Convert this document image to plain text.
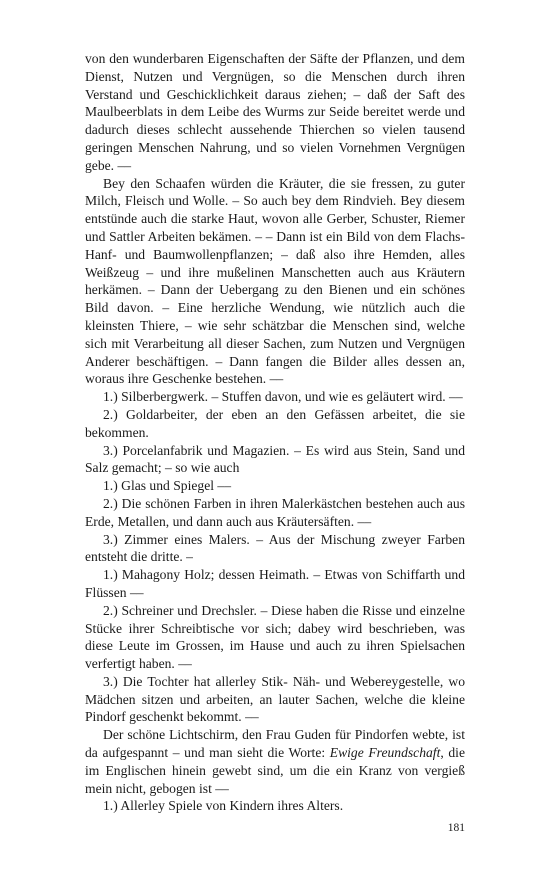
von den wunderbaren Eigenschaften der Säfte der Pflanzen, und dem Dienst, Nutzen und Vergnügen, so die Menschen durch ihren Verstand und Geschicklichkeit daraus ziehen; – daß der Saft des Maulbeerblats in dem Leibe des Wurms zur Seide bereitet werde und dadurch dieses schlecht aussehende Thierchen so vielen tausend geringen Menschen Nahrung, und so vielen Vornehmen Vergnügen gebe. ––

Bey den Schaafen würden die Kräuter, die sie fressen, zu guter Milch, Fleisch und Wolle. – So auch bey dem Rindvieh. Bey diesem entstünde auch die starke Haut, wovon alle Gerber, Schuster, Riemer und Sattler Arbeiten bekämen. – – Dann ist ein Bild von dem Flachs- Hanf- und Baumwollenpflanzen; – daß also ihre Hemden, alles Weißzeug – und ihre mußelinen Manschetten auch aus Kräutern herkämen. – Dann der Uebergang zu den Bienen und ein schönes Bild davon. – Eine herzliche Wendung, wie nützlich auch die kleinsten Thiere, – wie sehr schätzbar die Menschen sind, welche sich mit Verarbeitung all dieser Sachen, zum Nutzen und Vergnügen Anderer beschäftigen. – Dann fangen die Bilder alles dessen an, woraus ihre Geschenke bestehen. ––

1.) Silberbergwerk. – Stuffen davon, und wie es geläutert wird. ––

2.) Goldarbeiter, der eben an den Gefässen arbeitet, die sie bekommen.

3.) Porcelanfabrik und Magazien. – Es wird aus Stein, Sand und Salz gemacht; – so wie auch

1.) Glas und Spiegel ––

2.) Die schönen Farben in ihren Malerkästchen bestehen auch aus Erde, Metallen, und dann auch aus Kräutersäften. ––

3.) Zimmer eines Malers. – Aus der Mischung zweyer Farben entsteht die dritte. –

1.) Mahagony Holz; dessen Heimath. – Etwas von Schiffarth und Flüssen ––

2.) Schreiner und Drechsler. – Diese haben die Risse und einzelne Stücke ihrer Schreibtische vor sich; dabey wird beschrieben, was diese Leute im Grossen, im Hause und auch zu ihren Spielsachen verfertigt haben. ––

3.) Die Tochter hat allerley Stik- Näh- und Webereygestelle, wo Mädchen sitzen und arbeiten, an lauter Sachen, welche die kleine Pindorf geschenkt bekommt. ––

Der schöne Lichtschirm, den Frau Guden für Pindorfen webte, ist da aufgespannt – und man sieht die Worte: Ewige Freundschaft, die im Englischen hinein gewebt sind, um die ein Kranz von vergieß mein nicht, gebogen ist ––

1.) Allerley Spiele von Kindern ihres Alters.

181
